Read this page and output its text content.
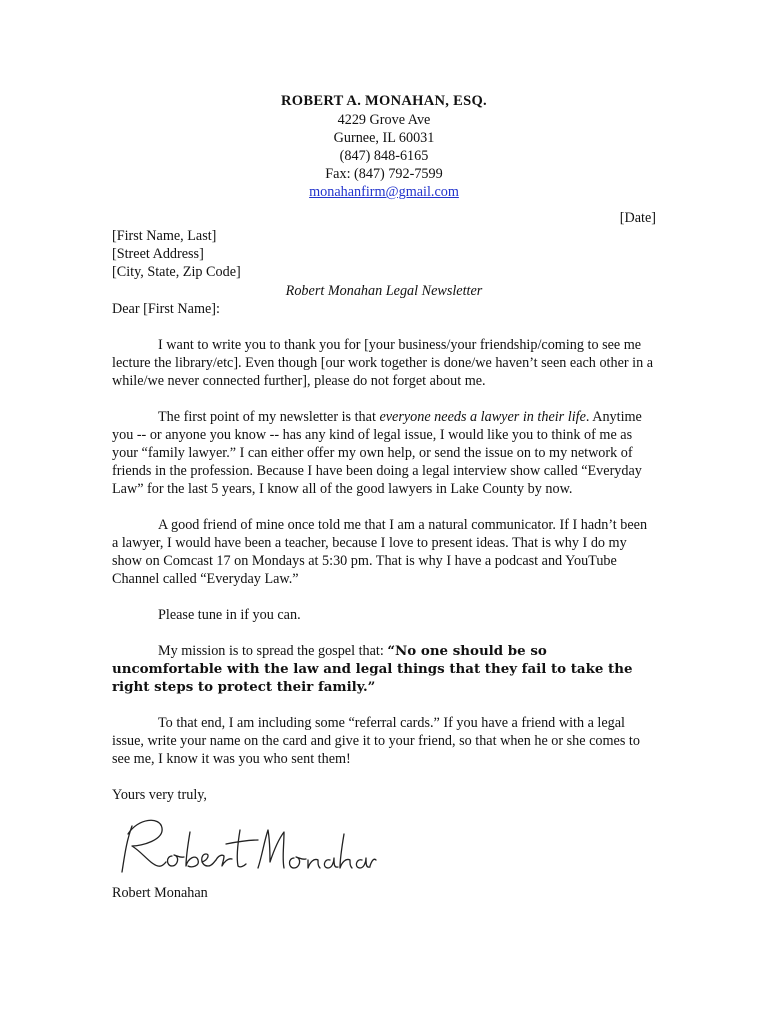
ROBERT A. MONAHAN, ESQ.
4229 Grove Ave
Gurnee, IL 60031
(847) 848-6165
Fax: (847) 792-7599
monahanfirm@gmail.com
[Date]
[First Name, Last]
[Street Address]
[City, State, Zip Code]
Robert Monahan Legal Newsletter
Dear [First Name]:

I want to write you to thank you for [your business/your friendship/coming to see me lecture the library/etc]. Even though [our work together is done/we haven’t seen each other in a while/we never connected further], please do not forget about me.

The first point of my newsletter is that everyone needs a lawyer in their life. Anytime you -- or anyone you know -- has any kind of legal issue, I would like you to think of me as your “family lawyer.” I can either offer my own help, or send the issue on to my network of friends in the profession. Because I have been doing a legal interview show called “Everyday Law” for the last 5 years, I know all of the good lawyers in Lake County by now.

A good friend of mine once told me that I am a natural communicator. If I hadn’t been a lawyer, I would have been a teacher, because I love to present ideas. That is why I do my show on Comcast 17 on Mondays at 5:30 pm. That is why I have a podcast and YouTube Channel called “Everyday Law.”

Please tune in if you can.

My mission is to spread the gospel that: “No one should be so uncomfortable with the law and legal things that they fail to take the right steps to protect their family.”

To that end, I am including some “referral cards.” If you have a friend with a legal issue, write your name on the card and give it to your friend, so that when he or she comes to see me, I know it was you who sent them!

Yours very truly,
Robert Monahan
